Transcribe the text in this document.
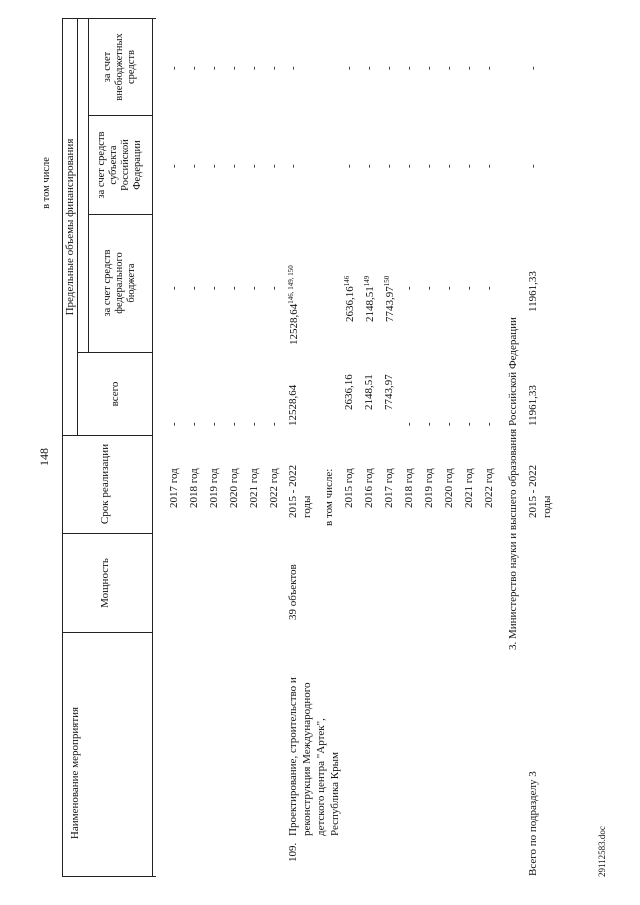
148
29112583.doc
Наименование мероприятия
Мощность
Срок реализации
Предельные объемы финансирования
всего
в том числе
за счет средств федерального бюджета
за счет средств субъекта Российской Федерации
за счет внебюджетных средств
2017 год 2018 год 2019 год 2020 год 2021 год 2022 год
- - - - - -
- - - - - -
- - - - - -
- - - - - -
109.
Проектирование, строительство и реконструкция Международного детского центра "Артек", Республика Крым
39 объектов
2015 - 2022 годы
12528,64
12528,64$^{146, 149, 150}$
-
-
в том числе: 2015 год 2016 год 2017 год 2018 год 2019 год 2020 год 2021 год 2022 год
2636,16 2148,51 7743,97
- - - - -
2636,16$^{146}$
2148,51$^{149}$
7743,97$^{150}$
- - - - -
- - - - - - - -
- - - - - - - -
3. Министерство науки и высшего образования Российской Федерации
Всего по подразделу 3
2015 - 2022 годы
11961,33
11961,33
-
-
